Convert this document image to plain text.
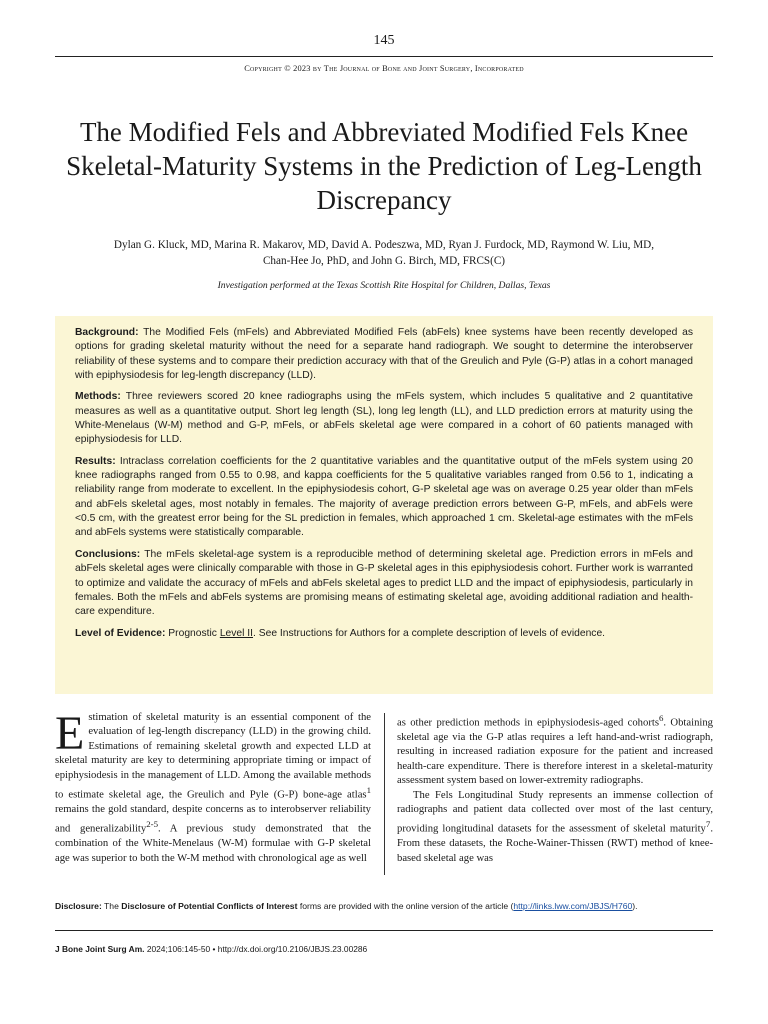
145
Copyright © 2023 by The Journal of Bone and Joint Surgery, Incorporated
The Modified Fels and Abbreviated Modified Fels Knee Skeletal-Maturity Systems in the Prediction of Leg-Length Discrepancy
Dylan G. Kluck, MD, Marina R. Makarov, MD, David A. Podeszwa, MD, Ryan J. Furdock, MD, Raymond W. Liu, MD,
Chan-Hee Jo, PhD, and John G. Birch, MD, FRCS(C)
Investigation performed at the Texas Scottish Rite Hospital for Children, Dallas, Texas

Background: The Modified Fels (mFels) and Abbreviated Modified Fels (abFels) knee systems have been recently developed as options for grading skeletal maturity without the need for a separate hand radiograph. We sought to determine the interobserver reliability of these systems and to compare their prediction accuracy with that of the Greulich and Pyle (G-P) atlas in a cohort managed with epiphysiodesis for leg-length discrepancy (LLD).

Methods: Three reviewers scored 20 knee radiographs using the mFels system, which includes 5 qualitative and 2 quantitative measures as well as a quantitative output. Short leg length (SL), long leg length (LL), and LLD prediction errors at maturity using the White-Menelaus (W-M) method and G-P, mFels, or abFels skeletal age were compared in a cohort of 60 patients managed with epiphysiodesis for LLD.

Results: Intraclass correlation coefficients for the 2 quantitative variables and the quantitative output of the mFels system using 20 knee radiographs ranged from 0.55 to 0.98, and kappa coefficients for the 5 qualitative variables ranged from 0.56 to 1, indicating a reliability range from moderate to excellent. In the epiphysiodesis cohort, G-P skeletal age was on average 0.25 year older than mFels and abFels skeletal ages, most notably in females. The majority of average prediction errors between G-P, mFels, and abFels were <0.5 cm, with the greatest error being for the SL prediction in females, which approached 1 cm. Skeletal-age estimates with the mFels and abFels systems were statistically comparable.

Conclusions: The mFels skeletal-age system is a reproducible method of determining skeletal age. Prediction errors in mFels and abFels skeletal ages were clinically comparable with those in G-P skeletal ages in this epiphysiodesis cohort. Further work is warranted to optimize and validate the accuracy of mFels and abFels skeletal ages to predict LLD and the impact of epiphysiodesis, particularly in females. Both the mFels and abFels systems are promising means of estimating skeletal age, avoiding additional radiation and health-care expenditure.

Level of Evidence: Prognostic Level II. See Instructions for Authors for a complete description of levels of evidence.

Estimation of skeletal maturity is an essential component of the evaluation of leg-length discrepancy (LLD) in the growing child. Estimations of remaining skeletal growth and expected LLD at skeletal maturity are key to determining appropriate timing or impact of epiphysiodesis in the management of LLD. Among the available methods to estimate skeletal age, the Greulich and Pyle (G-P) bone-age atlas$^1$ remains the gold standard, despite concerns as to interobserver reliability and generalizability$^{2-5}$. A previous study demonstrated that the combination of the White-Menelaus (W-M) formulae with G-P skeletal age was superior to both the W-M method with chronological age as well

as other prediction methods in epiphysiodesis-aged cohorts$^6$. Obtaining skeletal age via the G-P atlas requires a left hand-and-wrist radiograph, resulting in increased radiation exposure for the patient and increased health-care expenditure. There is therefore interest in a skeletal-maturity assessment system based on lower-extremity radiographs.

The Fels Longitudinal Study represents an immense collection of radiographs and patient data collected over most of the last century, providing longitudinal datasets for the assessment of skeletal maturity$^7$. From these datasets, the Roche-Wainer-Thissen (RWT) method of knee-based skeletal age was

Disclosure: The Disclosure of Potential Conflicts of Interest forms are provided with the online version of the article (http://links.lww.com/JBJS/H760).
J Bone Joint Surg Am. 2024;106:145-50 • http://dx.doi.org/10.2106/JBJS.23.00286
